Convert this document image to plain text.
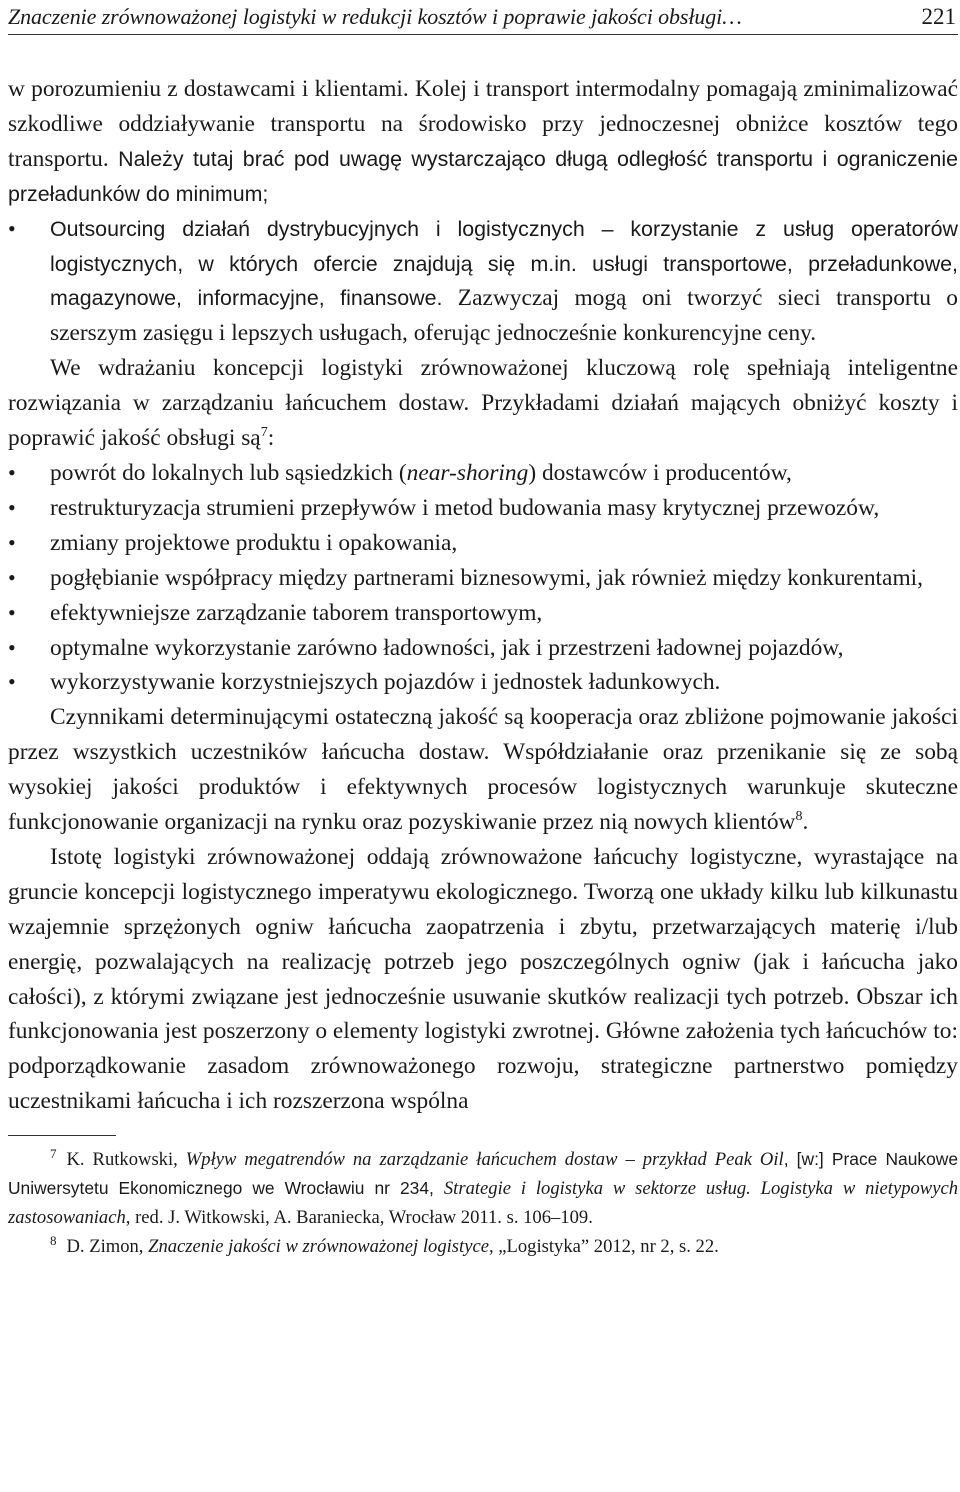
Znaczenie zrównoważonej logistyki w redukcji kosztów i poprawie jakości obsługi…	221

w porozumieniu z dostawcami i klientami. Kolej i transport intermodalny pomagają zminimalizować szkodliwe oddziaływanie transportu na środowisko przy jednoczesnej obniżce kosztów tego transportu. Należy tutaj brać pod uwagę wystarczająco długą odległość transportu i ograniczenie przeładunków do minimum;

• Outsourcing działań dystrybucyjnych i logistycznych – korzystanie z usług operatorów logistycznych, w których ofercie znajdują się m.in. usługi transportowe, przeładunkowe, magazynowe, informacyjne, finansowe. Zazwyczaj mogą oni tworzyć sieci transportu o szerszym zasięgu i lepszych usługach, oferując jednocześnie konkurencyjne ceny.

We wdrażaniu koncepcji logistyki zrównoważonej kluczową rolę spełniają inteligentne rozwiązania w zarządzaniu łańcuchem dostaw. Przykładami działań mających obniżyć koszty i poprawić jakość obsługi $są^7$:

• powrót do lokalnych lub sąsiedzkich (near-shoring) dostawców i producentów,
• restrukturyzacja strumieni przepływów i metod budowania masy krytycznej przewozów,
• zmiany projektowe produktu i opakowania,
• pogłębianie współpracy między partnerami biznesowymi, jak również między konkurentami,
• efektywniejsze zarządzanie taborem transportowym,
• optymalne wykorzystanie zarówno ładowności, jak i przestrzeni ładownej pojazdów,
• wykorzystywanie korzystniejszych pojazdów i jednostek ładunkowych.

Czynnikami determinującymi ostateczną jakość są kooperacja oraz zbliżone pojmowanie jakości przez wszystkich uczestników łańcucha dostaw. Współdziałanie oraz przenikanie się ze sobą wysokiej jakości produktów i efektywnych procesów logistycznych warunkuje skuteczne funkcjonowanie organizacji na rynku oraz pozyskiwanie przez nią nowych klientów$^8$.

Istotę logistyki zrównoważonej oddają zrównoważone łańcuchy logistyczne, wyrastające na gruncie koncepcji logistycznego imperatywu ekologicznego. Tworzą one układy kilku lub kilkunastu wzajemnie sprzężonych ogniw łańcucha zaopatrzenia i zbytu, przetwarzających materię i/lub energię, pozwalających na realizację potrzeb jego poszczególnych ogniw (jak i łańcucha jako całości), z którymi związane jest jednocześnie usuwanie skutków realizacji tych potrzeb. Obszar ich funkcjonowania jest poszerzony o elementy logistyki zwrotnej. Główne założenia tych łańcuchów to: podporządkowanie zasadom zrównoważonego rozwoju, strategiczne partnerstwo pomiędzy uczestnikami łańcucha i ich rozszerzona wspólna

7 K. Rutkowski, Wpływ megatrendów na zarządzanie łańcuchem dostaw – przykład Peak Oil, [w:] Prace Naukowe Uniwersytetu Ekonomicznego we Wrocławiu nr 234, Strategie i logistyka w sektorze usług. Logistyka w nietypowych zastosowaniach, red. J. Witkowski, A. Baraniecka, Wrocław 2011. s. 106–109.

8 D. Zimon, Znaczenie jakości w zrównoważonej logistyce, „Logistyka” 2012, nr 2, s. 22.
